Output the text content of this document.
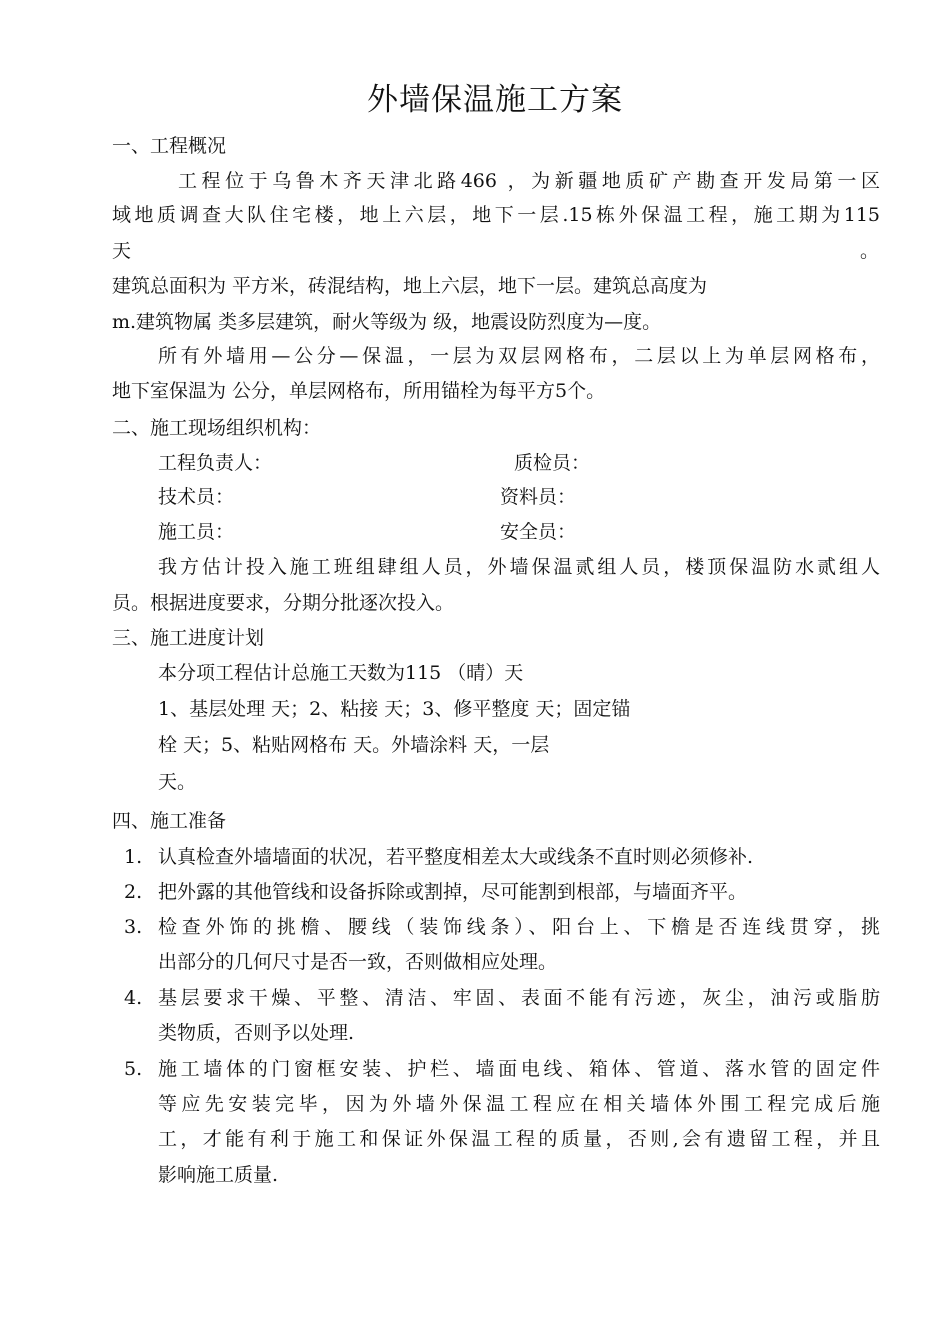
外墙保温施工方案
一、工程概况
工程位于乌鲁木齐天津北路466 ，为新疆地质矿产勘查开发局第一区
域地质调查大队住宅楼，地上六层，地下一层.15栋外保温工程，施工期为115
天	。
建筑总面积为 平方米，砖混结构，地上六层，地下一层。建筑总高度为
m.建筑物属 类多层建筑，耐火等级为 级，地震设防烈度为—度。
所有外墙用—公分—保温，一层为双层网格布，二层以上为单层网格布，
地下室保温为 公分，单层网格布，所用锚栓为每平方5个。
二、施工现场组织机构：
工程负责人：	质检员：
技术员：	资料员：
施工员：	安全员：
我方估计投入施工班组肆组人员，外墙保温贰组人员，楼顶保温防水贰组人
员。根据进度要求，分期分批逐次投入。
三、施工进度计划
本分项工程估计总施工天数为115 （晴）天
1、基层处理 天；2、粘接 天；3、修平整度 天；固定锚
栓 天；5、粘贴网格布 天。外墙涂料 天，一层
天。
四、施工准备
1. 认真检查外墙墙面的状况，若平整度相差太大或线条不直时则必须修补.
2. 把外露的其他管线和设备拆除或割掉，尽可能割到根部，与墙面齐平。
3. 检查外饰的挑檐、腰线（装饰线条）、阳台上、下檐是否连线贯穿，挑
出部分的几何尺寸是否一致，否则做相应处理。
4. 基层要求干燥、平整、清洁、牢固、表面不能有污迹，灰尘，油污或脂肪
类物质，否则予以处理.
5. 施工墙体的门窗框安装、护栏、墙面电线、箱体、管道、落水管的固定件
等应先安装完毕，因为外墙外保温工程应在相关墙体外围工程完成后施
工，才能有利于施工和保证外保温工程的质量，否则,会有遗留工程，并且
影响施工质量.
